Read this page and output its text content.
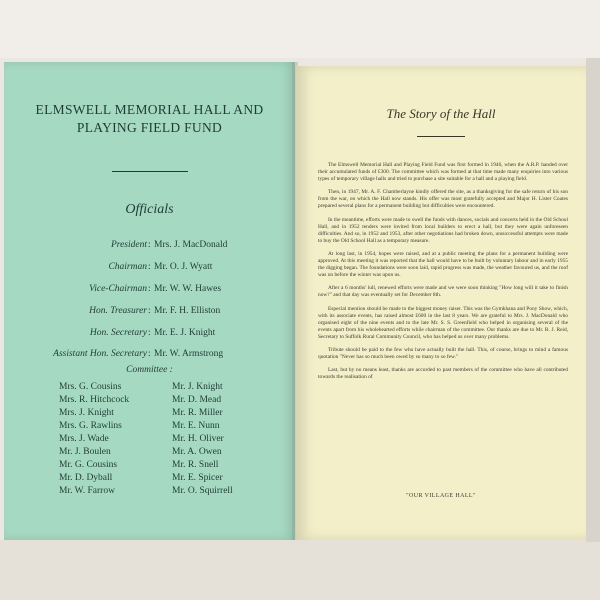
ELMSWELL MEMORIAL HALL AND
PLAYING FIELD FUND
Officials
President : Mrs. J. MacDonald
Chairman : Mr. O. J. Wyatt
Vice-Chairman : Mr. W. W. Hawes
Hon. Treasurer : Mr. F. H. Elliston
Hon. Secretary : Mr. E. J. Knight
Assistant Hon. Secretary : Mr. W. Armstrong
Committee :
Mrs. G. Cousins
Mrs. R. Hitchcock
Mrs. J. Knight
Mrs. G. Rawlins
Mrs. J. Wade
Mr. J. Boulen
Mr. G. Cousins
Mr. D. Dyball
Mr. W. Farrow
Mr. J. Knight
Mr. D. Mead
Mr. R. Miller
Mr. E. Nunn
Mr. H. Oliver
Mr. A. Owen
Mr. R. Snell
Mr. E. Spicer
Mr. O. Squirrell
The Story of the Hall

The Elmswell Memorial Hall and Playing Field Fund was first formed in 1946, when the A.R.P. handed over their accumulated funds of £300. The committee which was formed at that time made many enquiries into various types of temporary village halls and tried to purchase a site suitable for a hall and a playing field.

Then, in 1947, Mr. A. F. Chamberlayne kindly offered the site, as a thanksgiving for the safe return of his son from the war, on which the Hall now stands. His offer was most gratefully accepted and Major H. Lister Coates prepared several plans for a permanent building but difficulties were encountered.

In the meantime, efforts were made to swell the funds with dances, socials and concerts held in the Old School Hall, and in 1952 tenders were invited from local builders to erect a hall, but they were again unforeseen difficulties. And so, in 1952 and 1953, after other negotiations had broken down, unsuccessful attempts were made to buy the Old School Hall as a temporary measure.

At long last, in 1954, hopes were raised, and at a public meeting the plans for a permanent building were approved. At this meeting it was reported that the hall would have to be built by voluntary labour and in early 1955 the digging began. The foundations were soon laid, rapid progress was made, the weather favoured us, and the roof was on before the winter was upon us.

After a 6 months' lull, renewed efforts were made and we were soon thinking "How long will it take to finish now?" and that day was eventually set for December 8th.

Especial mention should be made to the biggest money raiser. This was the Gymkhana and Pony Show, which, with its associate events, has raised almost £600 in the last 8 years. We are grateful to Mrs. J. MacDonald who organised eight of the nine events and to the late Mr. S. S. Greenfield who helped in organising several of the events apart from his wholehearted efforts while chairman of the committee. Our thanks are due to Mr. R. J. Reid, Secretary to Suffolk Rural Community Council, who has helped us over many problems.

Tribute should be paid to the few who have actually built the hall. This, of course, brings to mind a famous quotation "Never has so much been owed by so many to so few."

Last, but by no means least, thanks are accorded to past members of the committee who have all contributed towards the realisation of

"OUR VILLAGE HALL"
